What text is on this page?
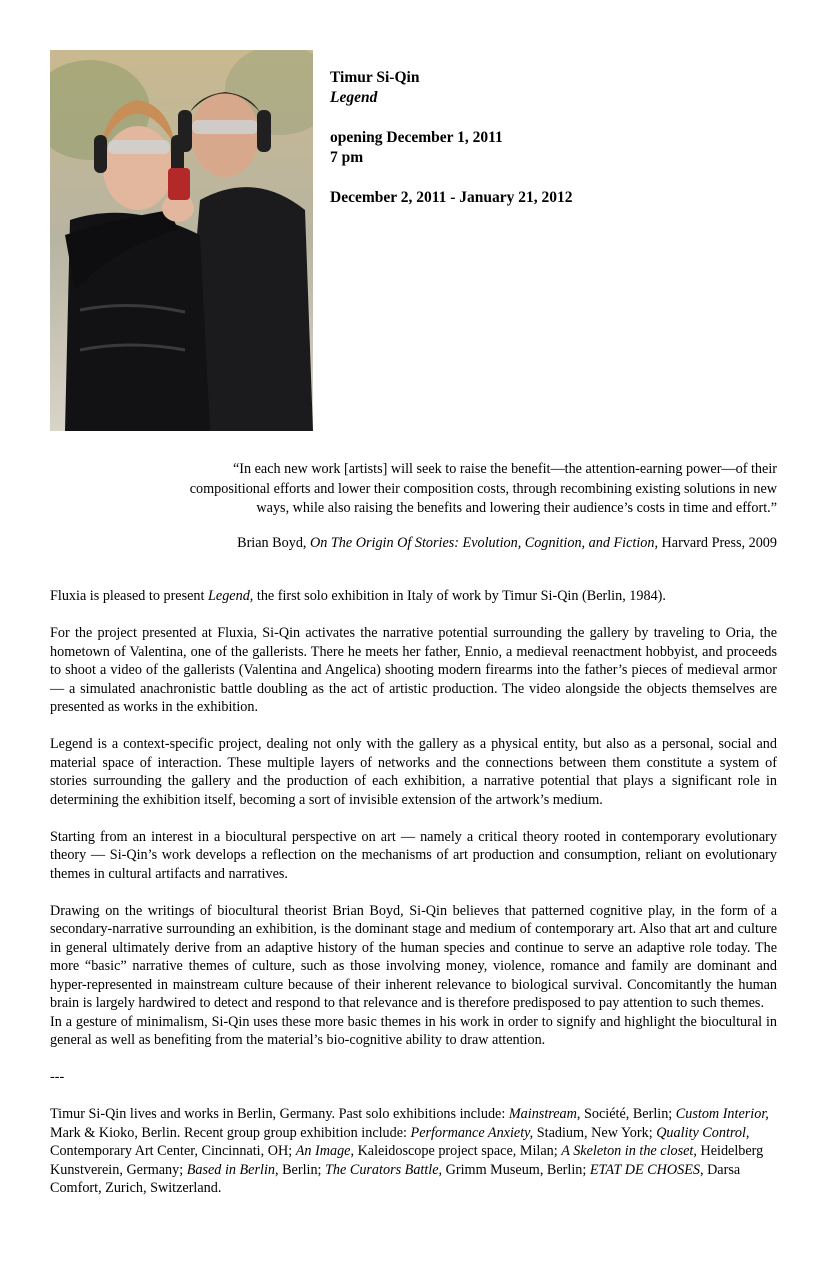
Timur Si-Qin
Legend
opening December 1, 2011
7 pm
December 2, 2011 - January 21, 2012
“In each new work [artists] will seek to raise the benefit—the attention-earning power—of their compositional efforts and lower their composition costs, through recombining existing solutions in new ways, while also raising the benefits and lowering their audience’s costs in time and effort.”
Brian Boyd, On The Origin Of Stories: Evolution, Cognition, and Fiction, Harvard Press, 2009

Fluxia is pleased to present Legend, the first solo exhibition in Italy of work by Timur Si-Qin (Berlin, 1984).

For the project presented at Fluxia, Si-Qin activates the narrative potential surrounding the gallery by traveling to Oria, the hometown of Valentina, one of the gallerists. There he meets her father, Ennio, a medieval reenactment hobbyist, and proceeds to shoot a video of the gallerists (Valentina and Angelica) shooting modern firearms into the father’s pieces of medieval armor — a simulated anachronistic battle doubling as the act of artistic production. The video alongside the objects themselves are presented as works in the exhibition.

Legend is a context-specific project, dealing not only with the gallery as a physical entity, but also as a personal, social and material space of interaction. These multiple layers of networks and the connections between them constitute a system of stories surrounding the gallery and the production of each exhibition, a narrative potential that plays a significant role in determining the exhibition itself, becoming a sort of invisible extension of the artwork’s medium.

Starting from an interest in a biocultural perspective on art — namely a critical theory rooted in contemporary evolutionary theory — Si-Qin’s work develops a reflection on the mechanisms of art production and consumption, reliant on evolutionary themes in cultural artifacts and narratives.

Drawing on the writings of biocultural theorist Brian Boyd, Si-Qin believes that patterned cognitive play, in the form of a secondary-narrative surrounding an exhibition, is the dominant stage and medium of contemporary art. Also that art and culture in general ultimately derive from an adaptive history of the human species and continue to serve an adaptive role today. The more “basic” narrative themes of culture, such as those involving money, violence, romance and family are dominant and hyper-represented in mainstream culture because of their inherent relevance to biological survival. Concomitantly the human brain is largely hardwired to detect and respond to that relevance and is therefore predisposed to pay attention to such themes.

In a gesture of minimalism, Si-Qin uses these more basic themes in his work in order to signify and highlight the biocultural in general as well as benefiting from the material’s bio-cognitive ability to draw attention.

---

Timur Si-Qin lives and works in Berlin, Germany. Past solo exhibitions include: Mainstream, Société, Berlin; Custom Interior, Mark & Kioko, Berlin. Recent group group exhibition include: Performance Anxiety, Stadium, New York; Quality Control, Contemporary Art Center, Cincinnati, OH; An Image, Kaleidoscope project space, Milan; A Skeleton in the closet, Heidelberg Kunstverein, Germany; Based in Berlin, Berlin; The Curators Battle, Grimm Museum, Berlin; ETAT DE CHOSES, Darsa Comfort, Zurich, Switzerland.
